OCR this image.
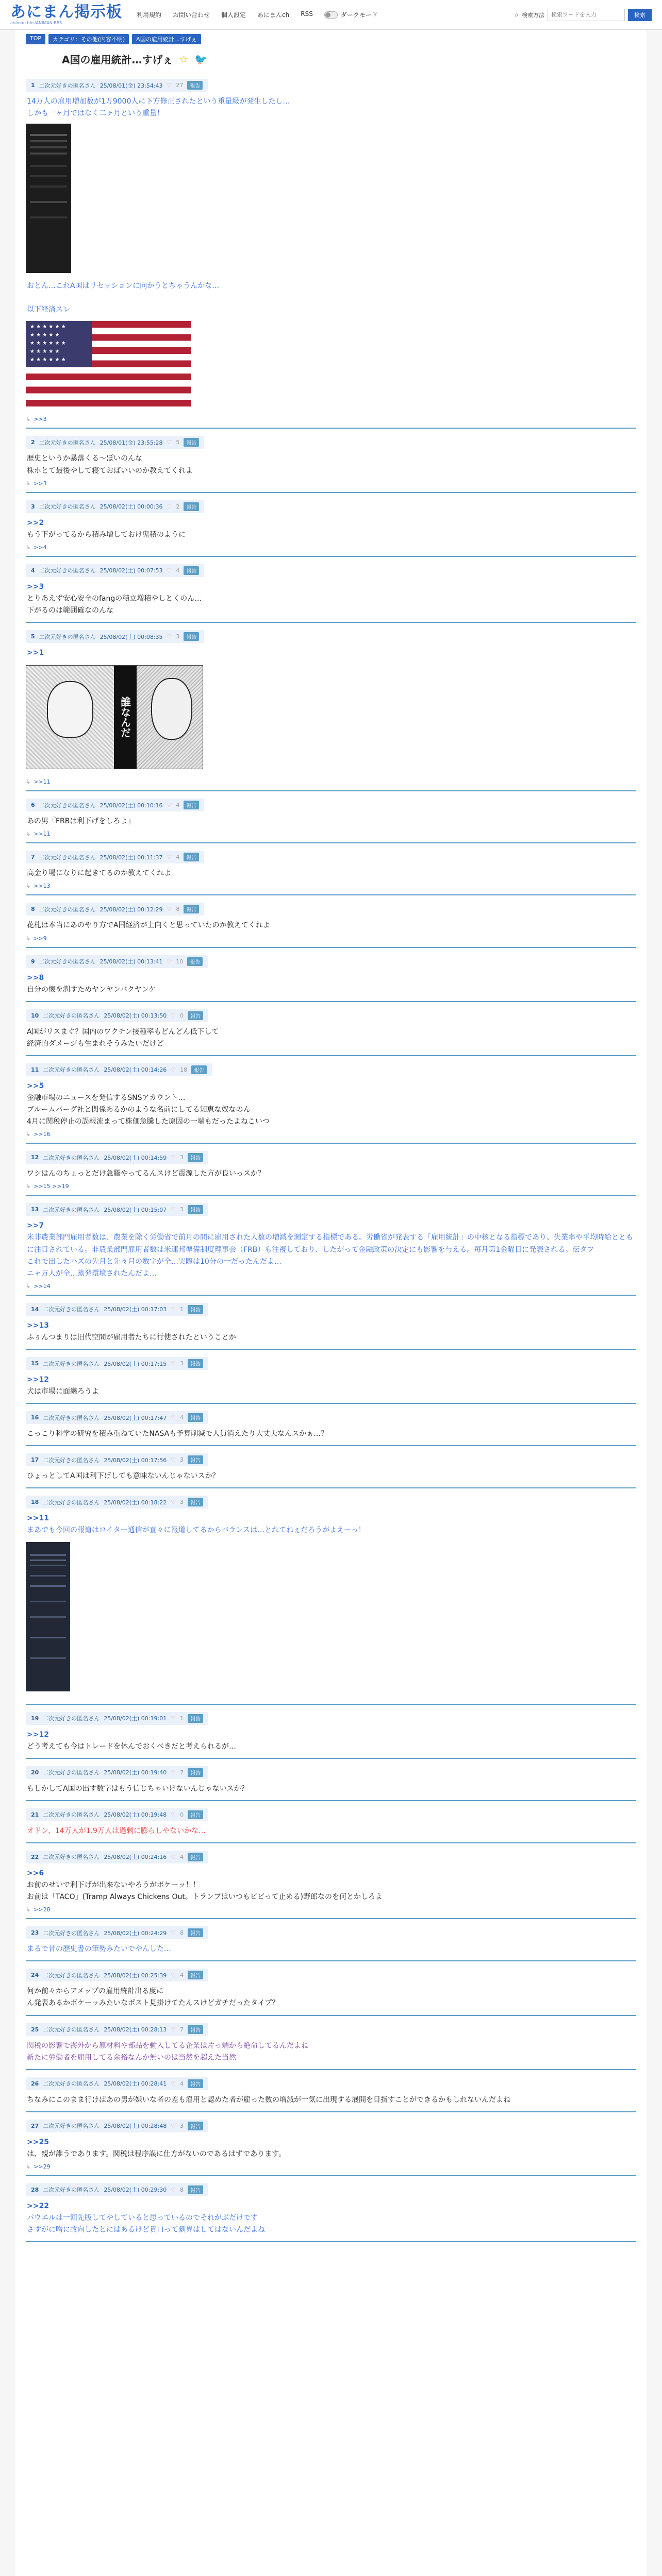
あにまん掲示板
animan bbs/ANIMAN.BBS
利用規約 お問い合わせ 個人設定 あにまんch RSS	ダークモード	⌕ 検索方法
検索ワードを入力	検索
TOP	カテゴリ：その他(内容不明)	A国の雇用統計…すげぇ
A国の雇用統計…すげぇ ☆ 🐦
1 二次元好きの匿名さん 25/08/01(金) 23:54:43 ♡ 27	報告
14万人の雇用増加数が1万9000人に下方修正されたという重量級が発生したし…
しかも一ヶ月ではなく二ヶ月という重量！
おとん…これA国はリセッションに向かうとちゃうんかな…

以下経済スレ
★ ★ ★ ★ ★ ★ ★ ★ ★ ★ ★ ★ ★ ★ ★ ★ ★ ★ ★ ★ ★ ★ ★ ★ ★ ★ ★ ★
↳ >>3
2 二次元好きの匿名さん 25/08/01(金) 23:55:28 ♡ 5	報告
歴史というか暴落くる～ぽいのんな
株ホとて最後やして寝ておばいいのか教えてくれよ
↳ >>3
3 二次元好きの匿名さん 25/08/02(土) 00:00:36 ♡ 2	報告
>>2
もう下がってるから積み増しておけ鬼積のように
↳ >>4
4 二次元好きの匿名さん 25/08/02(土) 00:07:53 ♡ 4	報告
>>3
とりあえず安心安全のfangの積立増積やしとくのん…
下がるのは範囲確なのんな
5 二次元好きの匿名さん 25/08/02(土) 00:08:35 ♡ 3	報告
>>1
誰なんだ
↳ >>11
6 二次元好きの匿名さん 25/08/02(土) 00:10:16 ♡ 4	報告
あの男『FRBは利下げをしろよ』
↳ >>11
7 二次元好きの匿名さん 25/08/02(土) 00:11:37 ♡ 4	報告
高金り場になりに起きてるのか教えてくれよ
↳ >>13
8 二次元好きの匿名さん 25/08/02(土) 00:12:29 ♡ 8	報告
花札は本当にあのやり方でA国経済が上向くと思っていたのか教えてくれよ
↳ >>9
9 二次元好きの匿名さん 25/08/02(土) 00:13:41 ♡ 10	報告
>>8
自分の懐を潤すためヤンヤンバクヤンケ
10 二次元好きの匿名さん 25/08/02(土) 00:13:50 ♡ 0	報告
A国がリスまぐ？国内のワクチン接種率もどんどん低下して
経済的ダメージも生まれそうみたいだけど
11 二次元好きの匿名さん 25/08/02(土) 00:14:26 ♡ 18	報告
>>5
金融市場のニュースを発信するSNSアカウント…
ブルームバーグ社と関係あるかのような名前にしてる知恵な奴なのん
4月に関税停止の誤報流まって株価急騰した原因の一端もだったよねこいつ
↳ >>16
12 二次元好きの匿名さん 25/08/02(土) 00:14:59 ♡ 3	報告
ワシはんのちょっとだけ急騰やってるんスけど震源した方が良いっスか？
↳ >>15 >>19
13 二次元好きの匿名さん 25/08/02(土) 00:15:07 ♡ 3	報告
>>7
米非農業部門雇用者数は、農業を除く労働省で前月の間に雇用された人数の増減を測定する指標である。労働省が発表する「雇用統計」の中核となる指標であり、失業率や平均時給とともに注目されている。非農業部門雇用者数は米連邦準備制度理事会（FRB）も注視しており、したがって金融政策の決定にも影響を与える。毎月第1金曜日に発表される。伝タフ
これで出したハズの先月と先々月の数字が全…実際は10分の一だったんだよ…
ニャ万人が全…蒸発環境されたんだよ…
↳ >>14
14 二次元好きの匿名さん 25/08/02(土) 00:17:03 ♡ 1	報告
>>13
ふぅんつまりは旧代空間が雇用者たちに行使されたということか
15 二次元好きの匿名さん 25/08/02(土) 00:17:15 ♡ 3	報告
>>12
犬は市場に面継ろうよ
16 二次元好きの匿名さん 25/08/02(土) 00:17:47 ♡ 4	報告
こっこり科学の研究を積み重ねていたNASAも予算削減で人員消えたり大丈夫なんスかぁ…？
17 二次元好きの匿名さん 25/08/02(土) 00:17:56 ♡ 3	報告
ひょっとしてA国は利下げしても意味ないんじゃないスか？
18 二次元好きの匿名さん 25/08/02(土) 00:18:22 ♡ 3	報告
>>11
まあでも今回の報道はロイター通信が直々に報道してるからバランスは…とれてねぇだろうがよえーっ！
19 二次元好きの匿名さん 25/08/02(土) 00:19:01 ♡ 1	報告
>>12
どう考えても今はトレードを休んでおくべきだと考えられるが…
20 二次元好きの匿名さん 25/08/02(土) 00:19:40 ♡ 7	報告
もしかしてA国の出す数字はもう信じちゃいけないんじゃないスか？
21 二次元好きの匿名さん 25/08/02(土) 00:19:48 ♡ 0	報告
オドン、14万人が1.9万人は過剰に膨らしやないかな…
22 二次元好きの匿名さん 25/08/02(土) 00:24:16 ♡ 4	報告
>>6
お前のせいで利下げが出来ないやろうがボケーッ！！
お前は「TACO」(Tramp Always Chickens Out。トランプはいつもビビって止める)野郎なのを何とかしろよ
↳ >>28
23 二次元好きの匿名さん 25/08/02(土) 00:24:29 ♡ 8	報告
まるで昔の歴史書の筆勢みたいでやんした…
24 二次元好きの匿名さん 25/08/02(土) 00:25:39 ♡ 4	報告
何か前々からアメップの雇用統計出る度に
ん発表あるかボケーッみたいなポスト見掛けてたんスけどガチだったタイプ？
25 二次元好きの匿名さん 25/08/02(土) 00:28:13 ♡ 7	報告
関税の影響で海外から原材料や部品を輸入してる企業は片っ端から絶命してるんだよね
新たに労働者を雇用してる余裕なんか無いのは当然を超えた当然
26 二次元好きの匿名さん 25/08/02(土) 00:28:41 ♡ 4	報告
ちなみにこのまま行けばあの男が嫌いな者の差も雇用と認めた者が雇った数の増減が一気に出現する展開を目指すことができるかもしれないんだよね
27 二次元好きの匿名さん 25/08/02(土) 00:28:48 ♡ 3	報告
>>25
は、親が誰うであります。関税は程序誤に仕方がないのであるはずであります。
↳ >>29
28 二次元好きの匿名さん 25/08/02(土) 00:29:30 ♡ 8	報告
>>22
パウエルは一回先版してやしていると思っているのでそれがぶだけです
さすがに噌に故向したとにはあるけど貴口って劇界はしてはないんだよね
